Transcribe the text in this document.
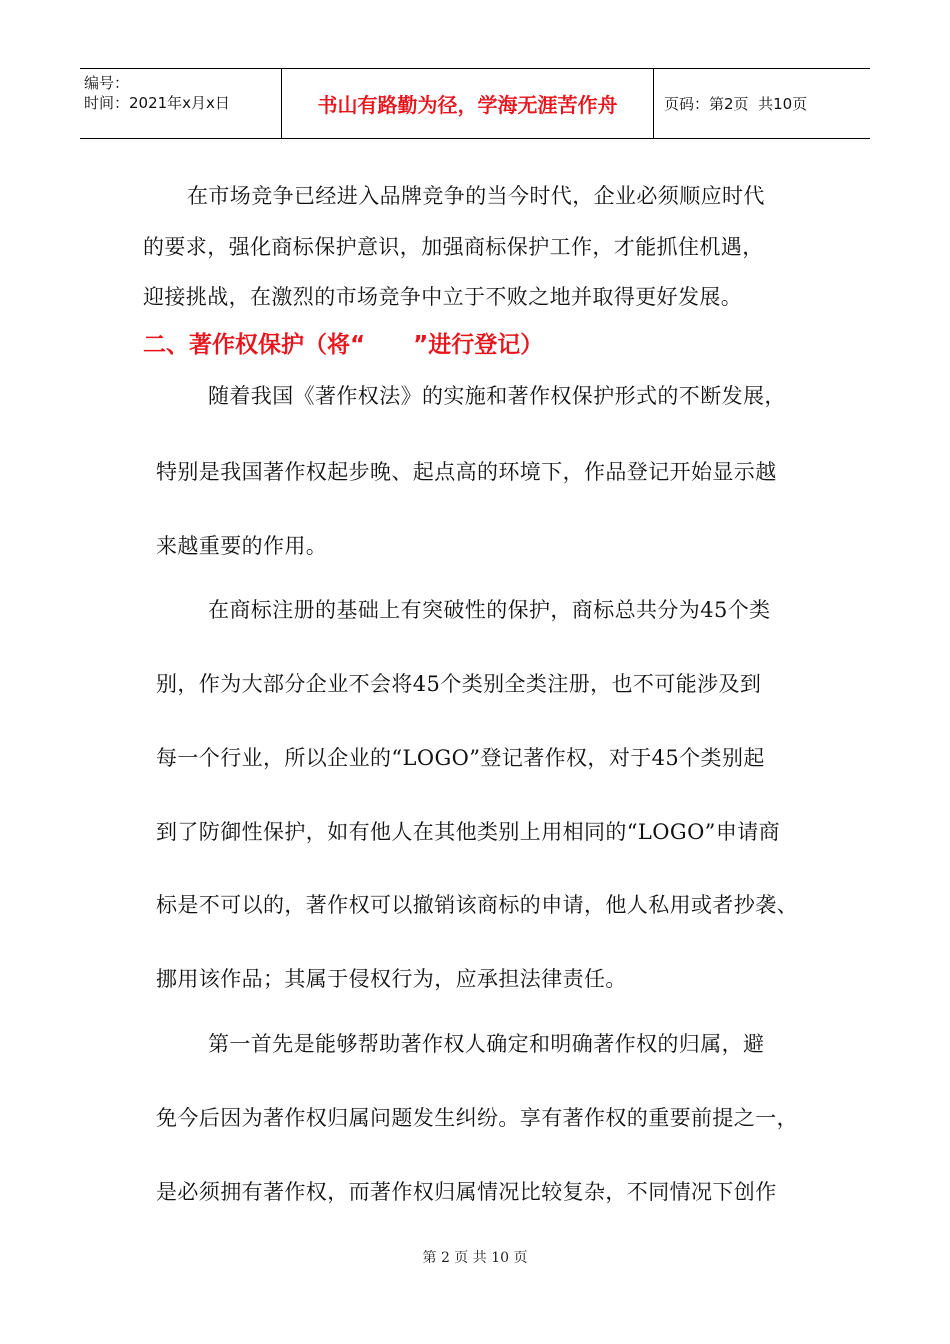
编号：
时间：2021年x月x日	书山有路勤为径，学海无涯苦作舟	页码：第2页  共10页
在市场竞争已经进入品牌竞争的当今时代，企业必须顺应时代
的要求，强化商标保护意识，加强商标保护工作，才能抓住机遇，
迎接挑战，在激烈的市场竞争中立于不败之地并取得更好发展。
二、著作权保护（将“      ”进行登记）
随着我国《著作权法》的实施和著作权保护形式的不断发展，
特别是我国著作权起步晚、起点高的环境下，作品登记开始显示越
来越重要的作用。
在商标注册的基础上有突破性的保护，商标总共分为45个类
别，作为大部分企业不会将45个类别全类注册，也不可能涉及到
每一个行业，所以企业的“LOGO”登记著作权，对于45个类别起
到了防御性保护，如有他人在其他类别上用相同的“LOGO”申请商
标是不可以的，著作权可以撤销该商标的申请，他人私用或者抄袭、
挪用该作品；其属于侵权行为，应承担法律责任。
第一首先是能够帮助著作权人确定和明确著作权的归属，避
免今后因为著作权归属问题发生纠纷。享有著作权的重要前提之一，
是必须拥有著作权，而著作权归属情况比较复杂，不同情况下创作
第 2 页 共 10 页
